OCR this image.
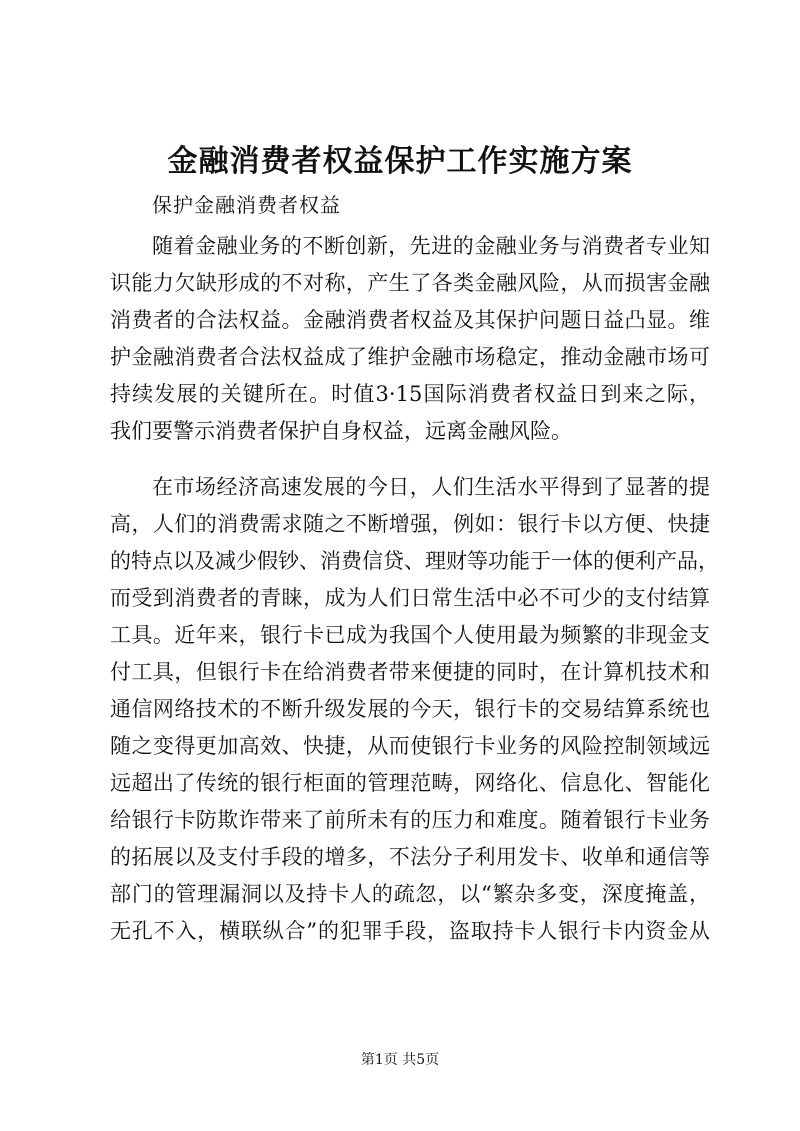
金融消费者权益保护工作实施方案
保护金融消费者权益
随着金融业务的不断创新，先进的金融业务与消费者专业知
识能力欠缺形成的不对称，产生了各类金融风险，从而损害金融
消费者的合法权益。金融消费者权益及其保护问题日益凸显。维
护金融消费者合法权益成了维护金融市场稳定，推动金融市场可
持续发展的关键所在。时值3·15国际消费者权益日到来之际，
我们要警示消费者保护自身权益，远离金融风险。
在市场经济高速发展的今日，人们生活水平得到了显著的提
高，人们的消费需求随之不断增强，例如：银行卡以方便、快捷
的特点以及减少假钞、消费信贷、理财等功能于一体的便利产品，
而受到消费者的青睐，成为人们日常生活中必不可少的支付结算
工具。近年来，银行卡已成为我国个人使用最为频繁的非现金支
付工具，但银行卡在给消费者带来便捷的同时，在计算机技术和
通信网络技术的不断升级发展的今天，银行卡的交易结算系统也
随之变得更加高效、快捷，从而使银行卡业务的风险控制领域远
远超出了传统的银行柜面的管理范畴，网络化、信息化、智能化
给银行卡防欺诈带来了前所未有的压力和难度。随着银行卡业务
的拓展以及支付手段的增多，不法分子利用发卡、收单和通信等
部门的管理漏洞以及持卡人的疏忽，以“繁杂多变，深度掩盖，
无孔不入，横联纵合”的犯罪手段，盗取持卡人银行卡内资金从
第1页 共5页
